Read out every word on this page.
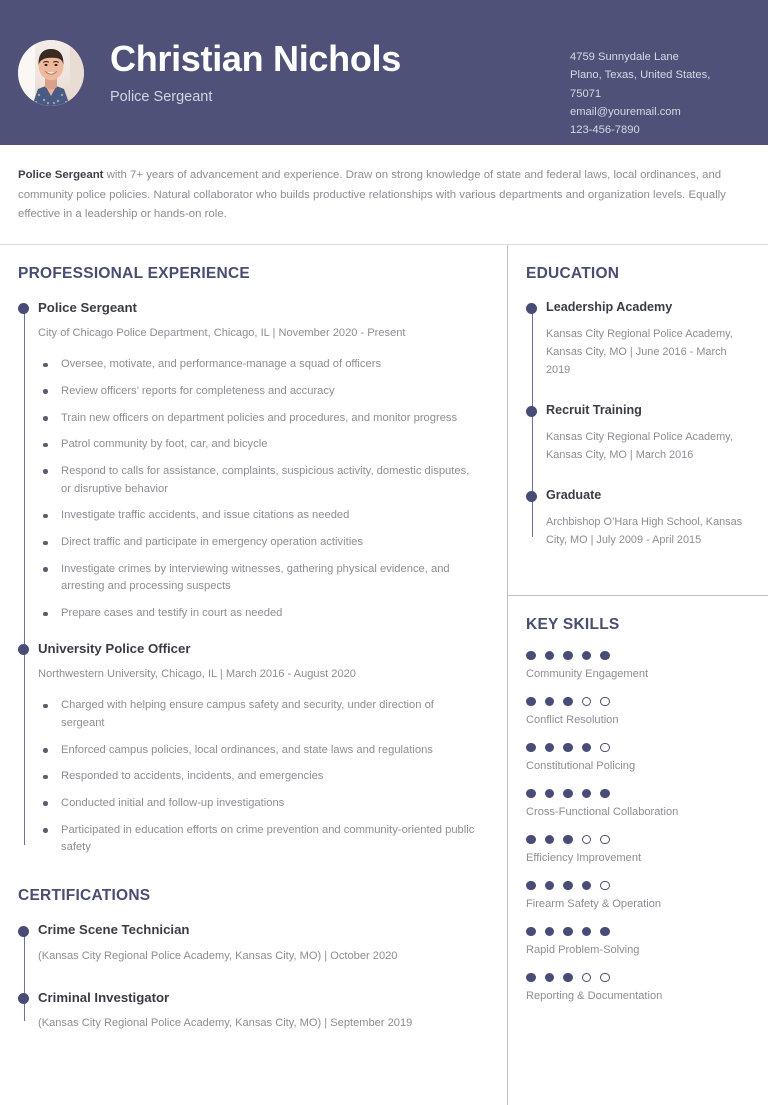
Christian Nichols
Police Sergeant
4759 Sunnydale Lane
Plano, Texas, United States,
75071
email@youremail.com
123-456-7890
Police Sergeant with 7+ years of advancement and experience. Draw on strong knowledge of state and federal laws, local ordinances, and community police policies. Natural collaborator who builds productive relationships with various departments and organization levels. Equally effective in a leadership or hands-on role.
PROFESSIONAL EXPERIENCE
Police Sergeant
City of Chicago Police Department, Chicago, IL | November 2020 - Present
Oversee, motivate, and performance-manage a squad of officers
Review officers’ reports for completeness and accuracy
Train new officers on department policies and procedures, and monitor progress
Patrol community by foot, car, and bicycle
Respond to calls for assistance, complaints, suspicious activity, domestic disputes, or disruptive behavior
Investigate traffic accidents, and issue citations as needed
Direct traffic and participate in emergency operation activities
Investigate crimes by interviewing witnesses, gathering physical evidence, and arresting and processing suspects
Prepare cases and testify in court as needed
University Police Officer
Northwestern University, Chicago, IL | March 2016 - August 2020
Charged with helping ensure campus safety and security, under direction of sergeant
Enforced campus policies, local ordinances, and state laws and regulations
Responded to accidents, incidents, and emergencies
Conducted initial and follow-up investigations
Participated in education efforts on crime prevention and community-oriented public safety
CERTIFICATIONS
Crime Scene Technician
(Kansas City Regional Police Academy, Kansas City, MO) | October 2020
Criminal Investigator
(Kansas City Regional Police Academy, Kansas City, MO) | September 2019
EDUCATION
Leadership Academy
Kansas City Regional Police Academy, Kansas City, MO | June 2016 - March 2019
Recruit Training
Kansas City Regional Police Academy, Kansas City, MO | March 2016
Graduate
Archbishop O’Hara High School, Kansas City, MO | July 2009 - April 2015
KEY SKILLS
Community Engagement
Conflict Resolution
Constitutional Policing
Cross-Functional Collaboration
Efficiency Improvement
Firearm Safety & Operation
Rapid Problem-Solving
Reporting & Documentation
